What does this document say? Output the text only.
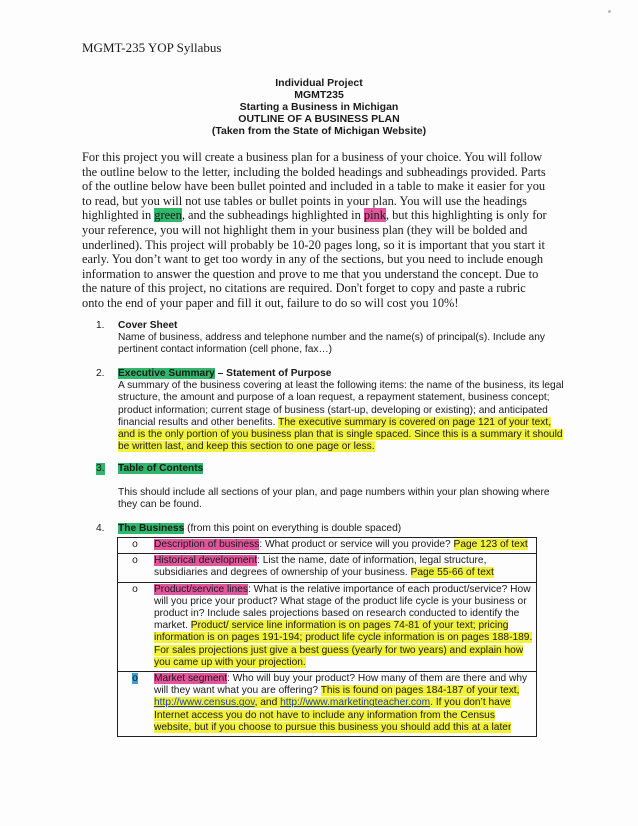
MGMT-235 YOP Syllabus
Individual Project
MGMT235
Starting a Business in Michigan
OUTLINE OF A BUSINESS PLAN
(Taken from the State of Michigan Website)
For this project you will create a business plan for a business of your choice. You will follow the outline below to the letter, including the bolded headings and subheadings provided. Parts of the outline below have been bullet pointed and included in a table to make it easier for you to read, but you will not use tables or bullet points in your plan. You will use the headings highlighted in green, and the subheadings highlighted in pink, but this highlighting is only for your reference, you will not highlight them in your business plan (they will be bolded and underlined). This project will probably be 10-20 pages long, so it is important that you start it early. You don’t want to get too wordy in any of the sections, but you need to include enough information to answer the question and prove to me that you understand the concept. Due to the nature of this project, no citations are required. Don't forget to copy and paste a rubric onto the end of your paper and fill it out, failure to do so will cost you 10%!
1.	Cover Sheet
Name of business, address and telephone number and the name(s) of principal(s). Include any pertinent contact information (cell phone, fax…)
2.	Executive Summary – Statement of Purpose
A summary of the business covering at least the following items: the name of the business, its legal structure, the amount and purpose of a loan request, a repayment statement, business concept; product information; current stage of business (start-up, developing or existing); and anticipated financial results and other benefits. The executive summary is covered on page 121 of your text, and is the only portion of you business plan that is single spaced. Since this is a summary it should be written last, and keep this section to one page or less.
3. Table of Contents
This should include all sections of your plan, and page numbers within your plan showing where they can be found.
4.	The Business (from this point on everything is double spaced)
o	Description of business: What product or service will you provide? Page 123 of text
o	Historical development: List the name, date of information, legal structure, subsidiaries and degrees of ownership of your business. Page 55-66 of text
o	Product/service lines: What is the relative importance of each product/service? How will you price your product? What stage of the product life cycle is your business or product in? Include sales projections based on research conducted to identify the market. Product/ service line information is on pages 74-81 of your text; pricing information is on pages 191-194; product life cycle information is on pages 188-189. For sales projections just give a best guess (yearly for two years) and explain how you came up with your projection.
o	Market segment: Who will buy your product? How many of them are there and why will they want what you are offering? This is found on pages 184-187 of your text, http://www.census.gov, and http://www.marketingteacher.com. If you don’t have Internet access you do not have to include any information from the Census website, but if you choose to pursue this business you should add this at a later
